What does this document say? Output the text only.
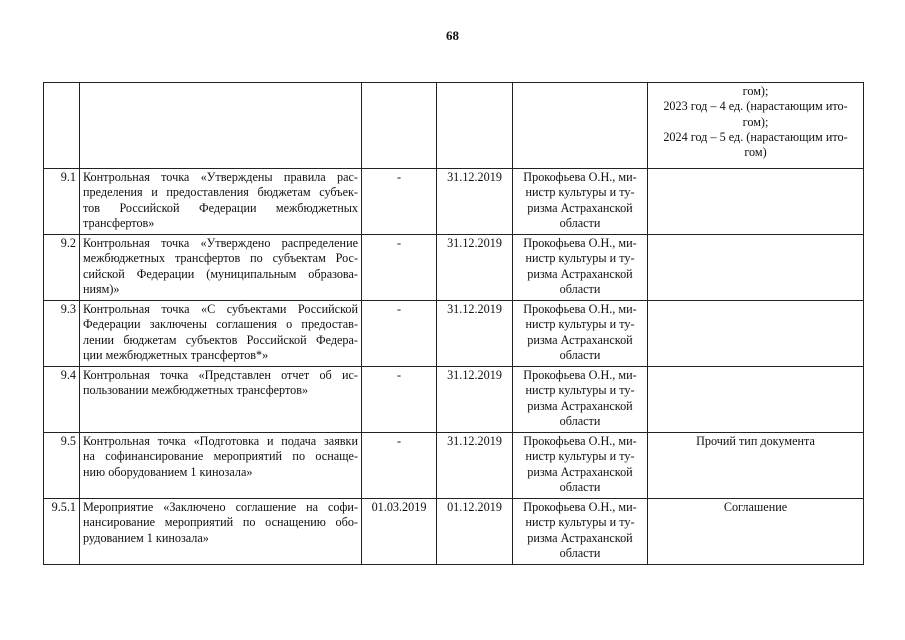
68

					гом);
2023 год – 4 ед. (нарастающим ито-
гом);
2024 год – 5 ед. (нарастающим ито-
гом)

9.1	Контрольная точка «Утверждены правила рас-
пределения и предоставления бюджетам субъек-
тов Российской Федерации межбюджетных
трансфертов»	-	31.12.2019	Прокофьева О.Н., ми-
нистр культуры и ту-
ризма Астраханской
области	

9.2	Контрольная точка «Утверждено распределение
межбюджетных трансфертов по субъектам Рос-
сийской Федерации (муниципальным образова-
ниям)»	-	31.12.2019	Прокофьева О.Н., ми-
нистр культуры и ту-
ризма Астраханской
области	

9.3	Контрольная точка «С субъектами Российской
Федерации заключены соглашения о предостав-
лении бюджетам субъектов Российской Федера-
ции межбюджетных трансфертов*»	-	31.12.2019	Прокофьева О.Н., ми-
нистр культуры и ту-
ризма Астраханской
области	

9.4	Контрольная точка «Представлен отчет об ис-
пользовании межбюджетных трансфертов»	-	31.12.2019	Прокофьева О.Н., ми-
нистр культуры и ту-
ризма Астраханской
области	

9.5	Контрольная точка «Подготовка и подача заявки
на софинансирование мероприятий по оснаще-
нию оборудованием 1 кинозала»	-	31.12.2019	Прокофьева О.Н., ми-
нистр культуры и ту-
ризма Астраханской
области	Прочий тип документа
9.5.1	Мероприятие «Заключено соглашение на софи-
нансирование мероприятий по оснащению обо-
рудованием 1 кинозала»	01.03.2019	01.12.2019	Прокофьева О.Н., ми-
нистр культуры и ту-
ризма Астраханской
области	Соглашение
